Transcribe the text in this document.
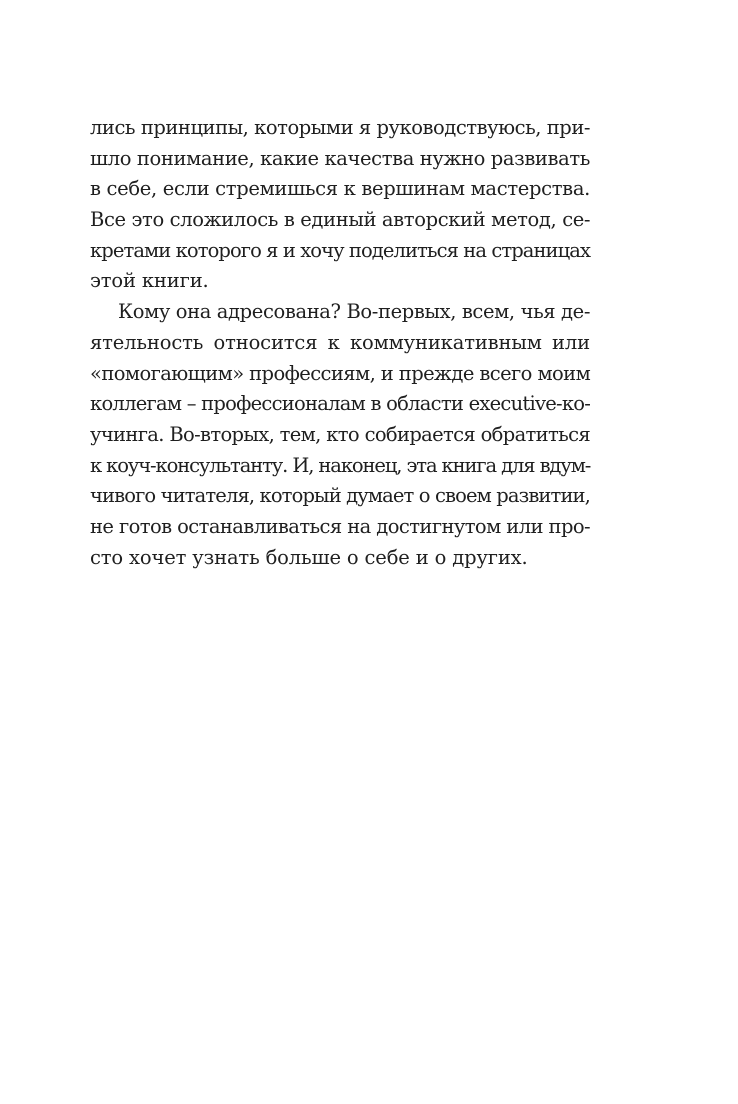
лись принципы, которыми я руководствуюсь, при-
шло понимание, какие качества нужно развивать
в себе, если стремишься к вершинам мастерства.
Все это сложилось в единый авторский метод, се-
кретами которого я и хочу поделиться на страницах
этой книги.
Кому она адресована? Во-первых, всем, чья де-
ятельность относится к коммуникативным или
«помогающим» профессиям, и прежде всего моим
коллегам – профессионалам в области executive-ко-
учинга. Во-вторых, тем, кто собирается обратиться
к коуч-консультанту. И, наконец, эта книга для вдум-
чивого читателя, который думает о своем развитии,
не готов останавливаться на достигнутом или про-
сто хочет узнать больше о себе и о других.
